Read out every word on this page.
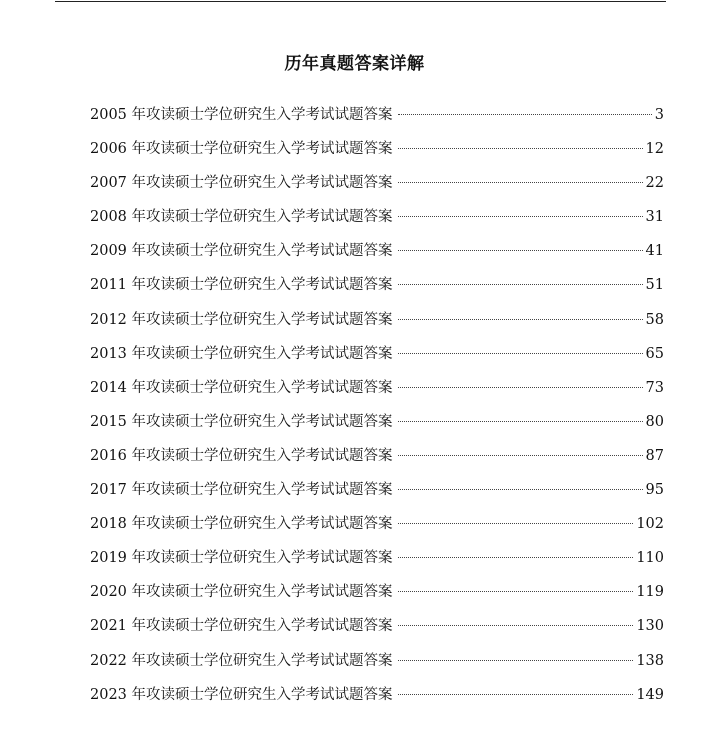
历年真题答案详解
2005 年攻读硕士学位研究生入学考试试题答案	3
2006 年攻读硕士学位研究生入学考试试题答案	12
2007 年攻读硕士学位研究生入学考试试题答案	22
2008 年攻读硕士学位研究生入学考试试题答案	31
2009 年攻读硕士学位研究生入学考试试题答案	41
2011 年攻读硕士学位研究生入学考试试题答案	51
2012 年攻读硕士学位研究生入学考试试题答案	58
2013 年攻读硕士学位研究生入学考试试题答案	65
2014 年攻读硕士学位研究生入学考试试题答案	73
2015 年攻读硕士学位研究生入学考试试题答案	80
2016 年攻读硕士学位研究生入学考试试题答案	87
2017 年攻读硕士学位研究生入学考试试题答案	95
2018 年攻读硕士学位研究生入学考试试题答案	102
2019 年攻读硕士学位研究生入学考试试题答案	110
2020 年攻读硕士学位研究生入学考试试题答案	119
2021 年攻读硕士学位研究生入学考试试题答案	130
2022 年攻读硕士学位研究生入学考试试题答案	138
2023 年攻读硕士学位研究生入学考试试题答案	149
